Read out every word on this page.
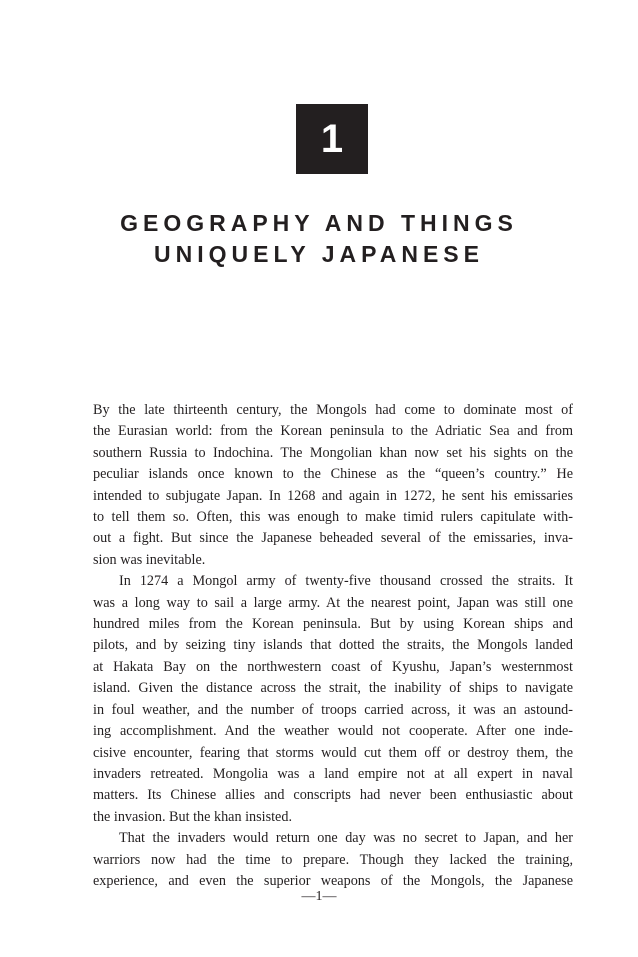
1
GEOGRAPHY AND THINGS
UNIQUELY JAPANESE
By the late thirteenth century, the Mongols had come to dominate most of
the Eurasian world: from the Korean peninsula to the Adriatic Sea and from
southern Russia to Indochina. The Mongolian khan now set his sights on the
peculiar islands once known to the Chinese as the “queen’s country.” He
intended to subjugate Japan. In 1268 and again in 1272, he sent his emissaries
to tell them so. Often, this was enough to make timid rulers capitulate with-
out a fight. But since the Japanese beheaded several of the emissaries, inva-
sion was inevitable.
In 1274 a Mongol army of twenty-five thousand crossed the straits. It
was a long way to sail a large army. At the nearest point, Japan was still one
hundred miles from the Korean peninsula. But by using Korean ships and
pilots, and by seizing tiny islands that dotted the straits, the Mongols landed
at Hakata Bay on the northwestern coast of Kyushu, Japan’s westernmost
island. Given the distance across the strait, the inability of ships to navigate
in foul weather, and the number of troops carried across, it was an astound-
ing accomplishment. And the weather would not cooperate. After one inde-
cisive encounter, fearing that storms would cut them off or destroy them, the
invaders retreated. Mongolia was a land empire not at all expert in naval
matters. Its Chinese allies and conscripts had never been enthusiastic about
the invasion. But the khan insisted.
That the invaders would return one day was no secret to Japan, and her
warriors now had the time to prepare. Though they lacked the training,
experience, and even the superior weapons of the Mongols, the Japanese
—1—
